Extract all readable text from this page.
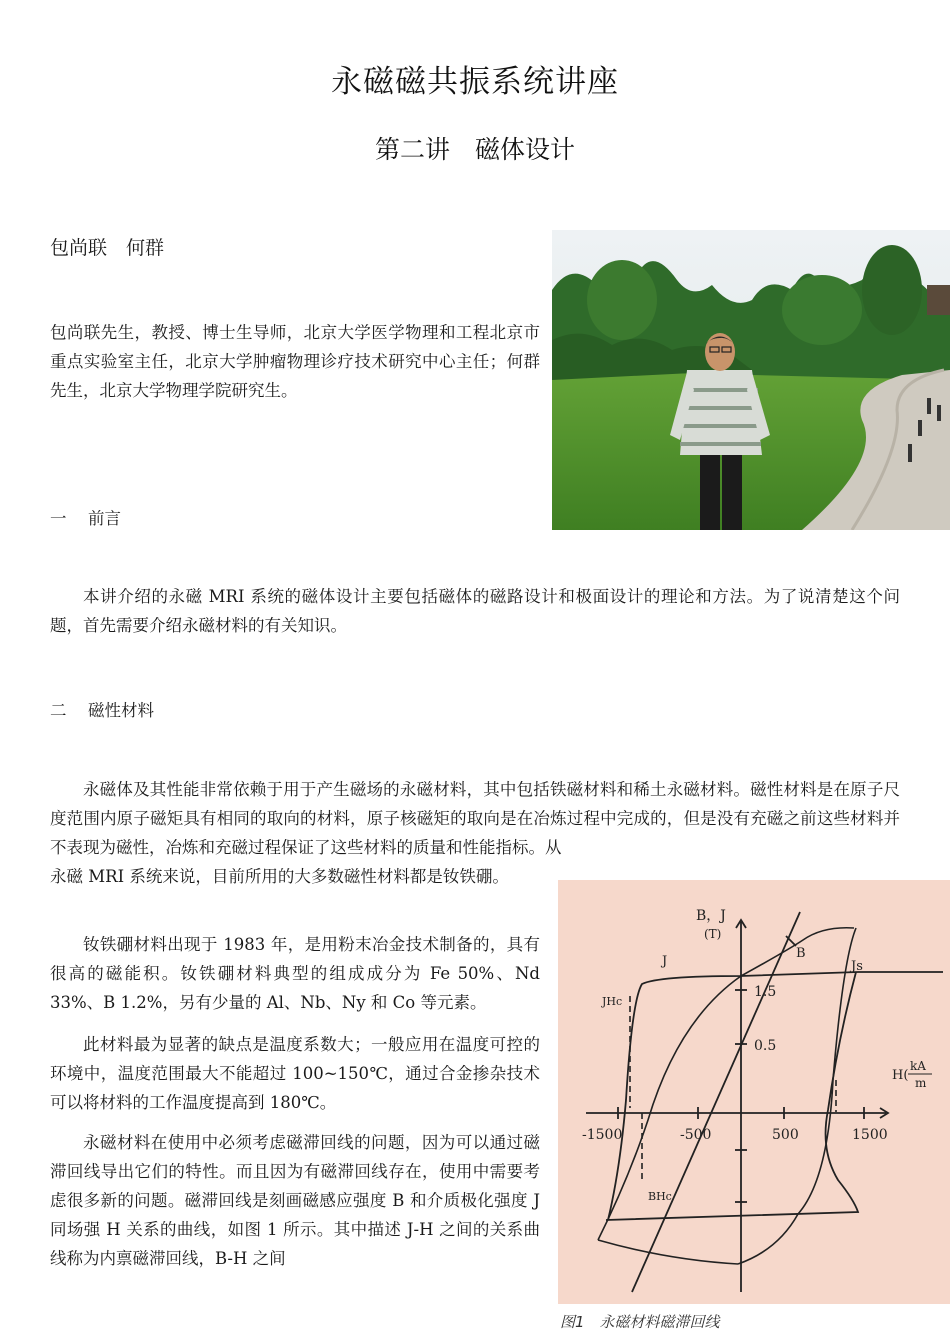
永磁磁共振系统讲座
第二讲　磁体设计
包尚联　何群
包尚联先生，教授、博士生导师，北京大学医学物理和工程北京市重点实验室主任，北京大学肿瘤物理诊疗技术研究中心主任；何群先生，北京大学物理学院研究生。
一 前言
本讲介绍的永磁 MRI 系统的磁体设计主要包括磁体的磁路设计和极面设计的理论和方法。为了说清楚这个问题，首先需要介绍永磁材料的有关知识。
二 磁性材料
永磁体及其性能非常依赖于用于产生磁场的永磁材料，其中包括铁磁材料和稀土永磁材料。磁性材料是在原子尺度范围内原子磁矩具有相同的取向的材料，原子核磁矩的取向是在冶炼过程中完成的，但是没有充磁之前这些材料并不表现为磁性，冶炼和充磁过程保证了这些材料的质量和性能指标。从
永磁 MRI 系统来说，目前所用的大多数磁性材料都是钕铁硼。
钕铁硼材料出现于 1983 年，是用粉末冶金技术制备的，具有很高的磁能积。钕铁硼材料典型的组成成分为 Fe 50%、Nd 33%、B 1.2%，另有少量的 Al、Nb、Ny 和 Co 等元素。
此材料最为显著的缺点是温度系数大；一般应用在温度可控的环境中，温度范围最大不能超过 100~150℃，通过合金掺杂技术可以将材料的工作温度提高到 180℃。
永磁材料在使用中必须考虑磁滞回线的问题，因为可以通过磁滞回线导出它们的特性。而且因为有磁滞回线存在，使用中需要考虑很多新的问题。磁滞回线是刻画磁感应强度 B 和介质极化强度 J 同场强 H 关系的曲线，如图 1 所示。其中描述 J-H 之间的关系曲线称为内禀磁滞回线，B-H 之间
B，J
(T)
B
J	Js
JHc
BHc
1.5
0.5
-1500	-500	500	1500
H(
kA
m
图1　永磁材料磁滞回线
